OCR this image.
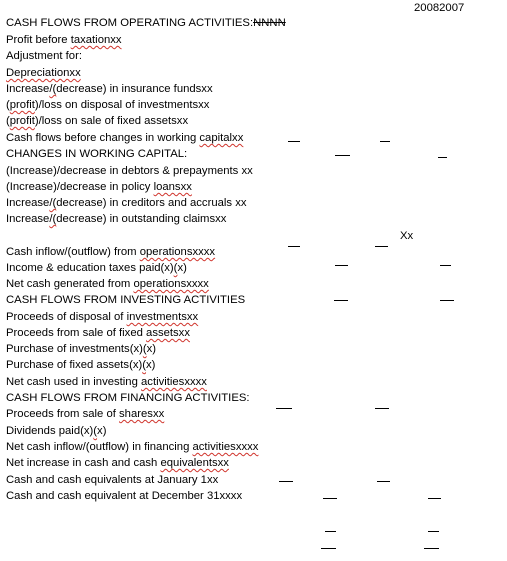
20082007
CASH FLOWS FROM OPERATING ACTIVITIES:NNNN
Profit before taxationxx
Adjustment for:
Depreciationxx
Increase/(decrease) in insurance fundsxx
(profit)/loss on disposal of investmentsxx
(profit)/loss on sale of fixed assetsxx
Cash flows before changes in working capitalxx
CHANGES IN WORKING CAPITAL:
(Increase)/decrease in debtors & prepayments xx
(Increase)/decrease in policy loansxx
Increase/(decrease) in creditors and accruals xx
Increase/(decrease) in outstanding claimsxx
Xx
Cash inflow/(outflow) from operationsxxxx
Income & education taxes paid(x)(x)
Net cash generated from operationsxxxx
CASH FLOWS FROM INVESTING ACTIVITIES
Proceeds of disposal of investmentsxx
Proceeds from sale of fixed assetsxx
Purchase of investments(x)(x)
Purchase of fixed assets(x)(x)
Net cash used in investing activitiesxxxx
CASH FLOWS FROM FINANCING ACTIVITIES:
Proceeds from sale of sharesxx
Dividends paid(x)(x)
Net cash inflow/(outflow) in financing activitiesxxxx
Net increase in cash and cash equivalentsxx
Cash and cash equivalents at January 1xx
Cash and cash equivalent at December 31xxxx
